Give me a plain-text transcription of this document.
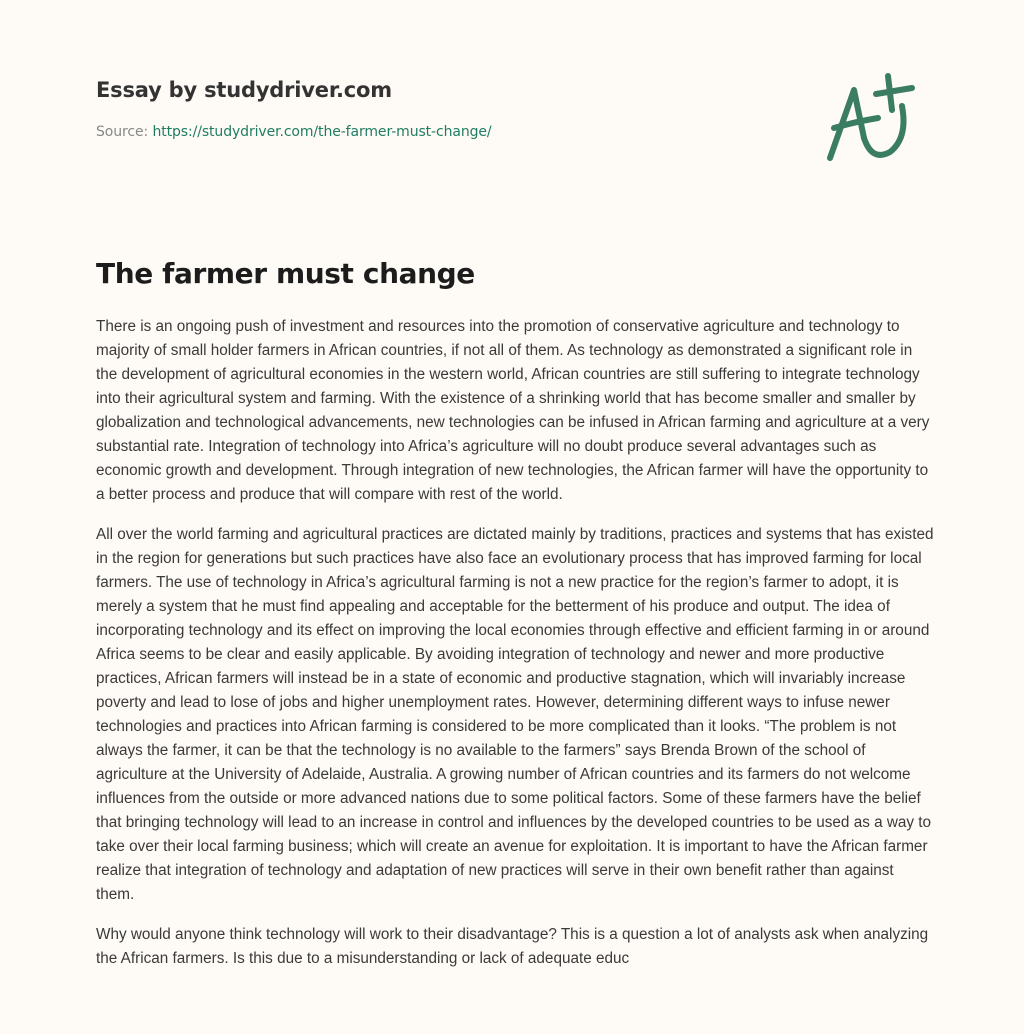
Essay by studydriver.com
Source: https://studydriver.com/the-farmer-must-change/
The farmer must change

There is an ongoing push of investment and resources into the promotion of conservative agriculture and technology to majority of small holder farmers in African countries, if not all of them. As technology as demonstrated a significant role in the development of agricultural economies in the western world, African countries are still suffering to integrate technology into their agricultural system and farming. With the existence of a shrinking world that has become smaller and smaller by globalization and technological advancements, new technologies can be infused in African farming and agriculture at a very substantial rate. Integration of technology into Africa’s agriculture will no doubt produce several advantages such as economic growth and development. Through integration of new technologies, the African farmer will have the opportunity to a better process and produce that will compare with rest of the world.

All over the world farming and agricultural practices are dictated mainly by traditions, practices and systems that has existed in the region for generations but such practices have also face an evolutionary process that has improved farming for local farmers. The use of technology in Africa’s agricultural farming is not a new practice for the region’s farmer to adopt, it is merely a system that he must find appealing and acceptable for the betterment of his produce and output. The idea of incorporating technology and its effect on improving the local economies through effective and efficient farming in or around Africa seems to be clear and easily applicable. By avoiding integration of technology and newer and more productive practices, African farmers will instead be in a state of economic and productive stagnation, which will invariably increase poverty and lead to lose of jobs and higher unemployment rates. However, determining different ways to infuse newer technologies and practices into African farming is considered to be more complicated than it looks. “The problem is not always the farmer, it can be that the technology is no available to the farmers” says Brenda Brown of the school of agriculture at the University of Adelaide, Australia. A growing number of African countries and its farmers do not welcome influences from the outside or more advanced nations due to some political factors. Some of these farmers have the belief that bringing technology will lead to an increase in control and influences by the developed countries to be used as a way to take over their local farming business; which will create an avenue for exploitation. It is important to have the African farmer realize that integration of technology and adaptation of new practices will serve in their own benefit rather than against them.

Why would anyone think technology will work to their disadvantage? This is a question a lot of analysts ask when analyzing the African farmers. Is this due to a misunderstanding or lack of adequate educ
